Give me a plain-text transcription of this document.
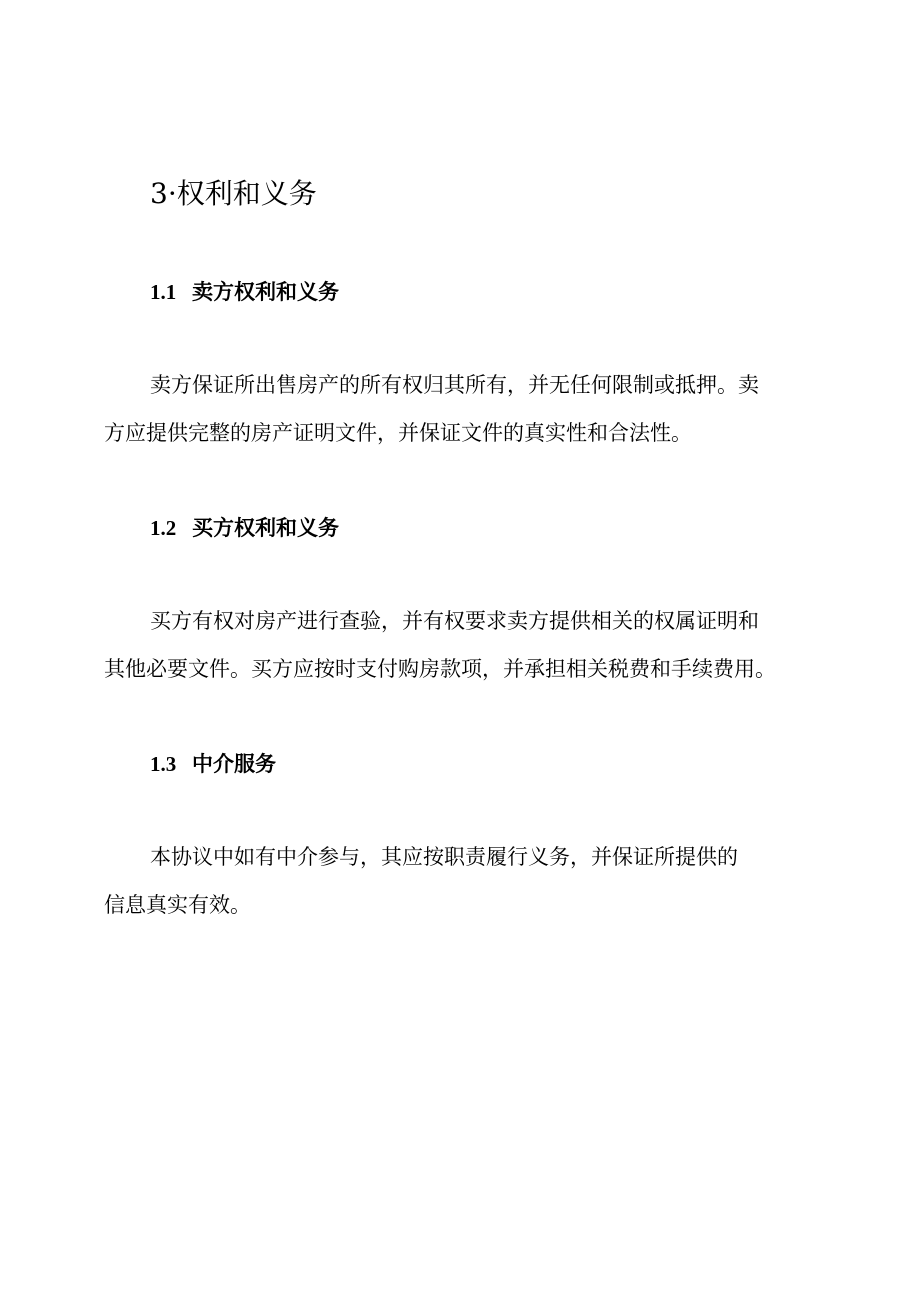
3·权利和义务
1.1 卖方权利和义务

卖方保证所出售房产的所有权归其所有，并无任何限制或抵押。卖
方应提供完整的房产证明文件，并保证文件的真实性和合法性。

1.2 买方权利和义务

买方有权对房产进行查验，并有权要求卖方提供相关的权属证明和
其他必要文件。买方应按时支付购房款项，并承担相关税费和手续费用。

1.3 中介服务

本协议中如有中介参与，其应按职责履行义务，并保证所提供的
信息真实有效。
